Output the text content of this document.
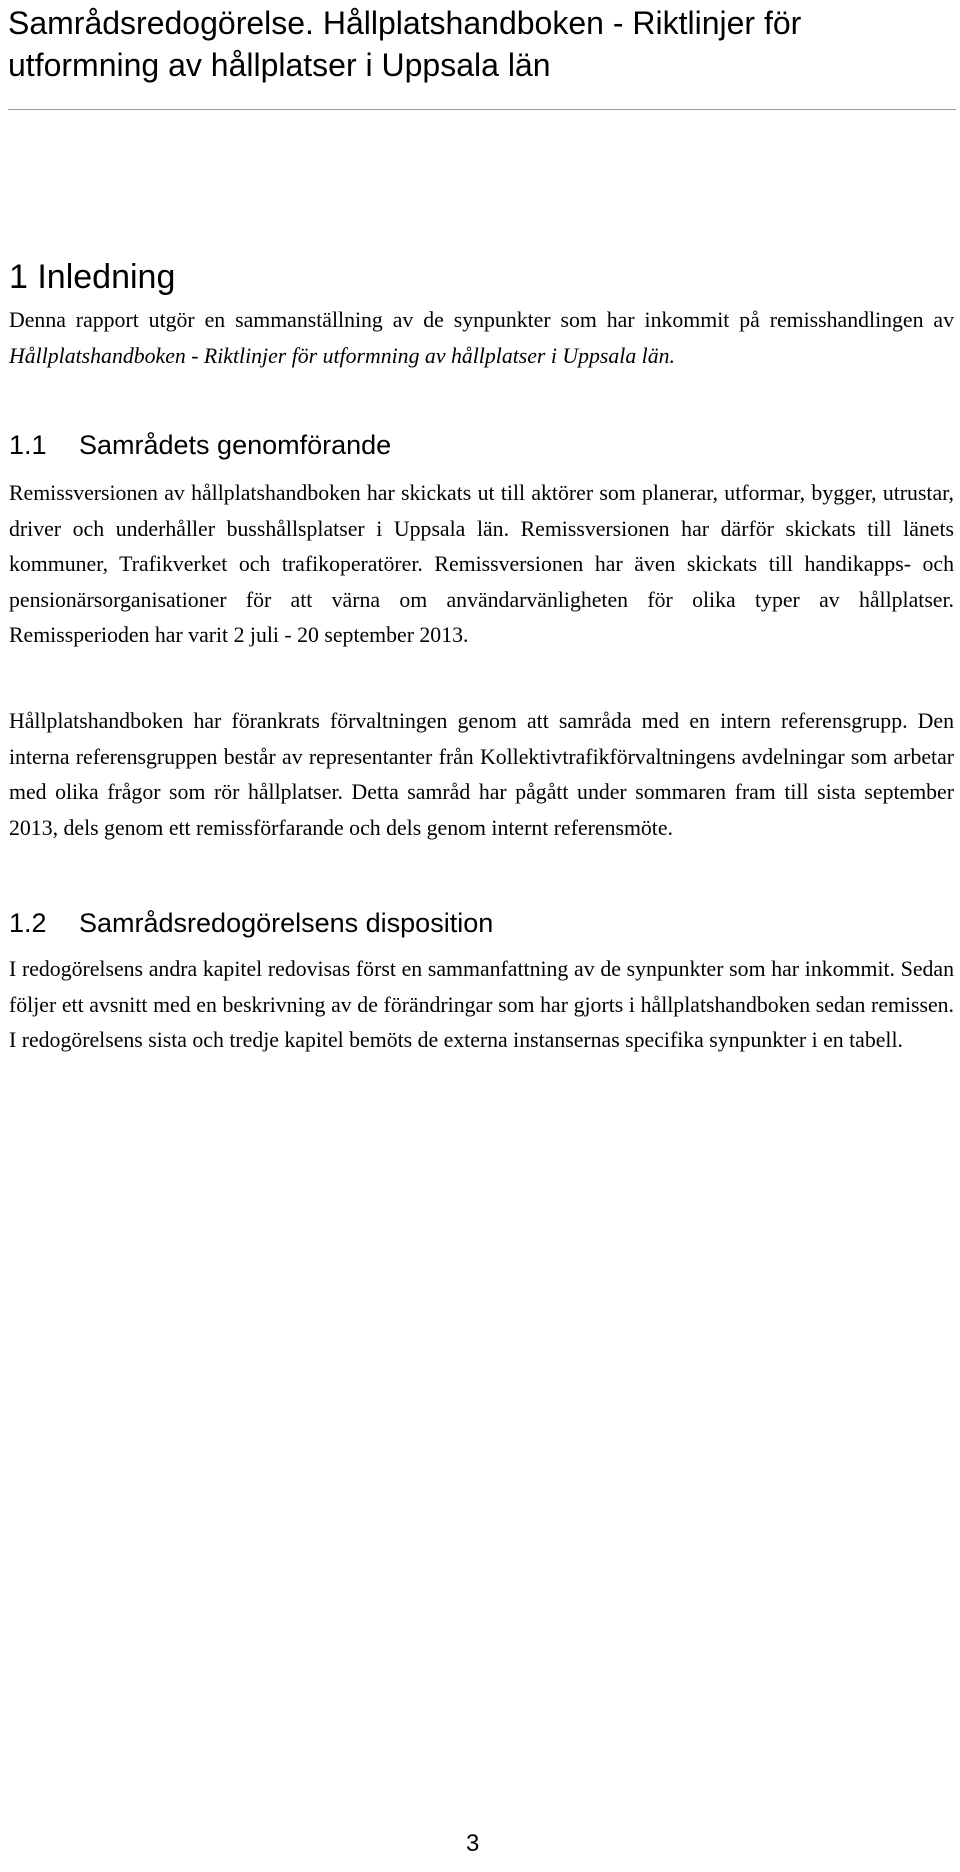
Samrådsredogörelse. Hållplatshandboken - Riktlinjer för utformning av hållplatser i Uppsala län
1 Inledning

Denna rapport utgör en sammanställning av de synpunkter som har inkommit på remisshandlingen av Hållplatshandboken - Riktlinjer för utformning av hållplatser i Uppsala län.

1.1 Samrådets genomförande

Remissversionen av hållplatshandboken har skickats ut till aktörer som planerar, utformar, bygger, utrustar, driver och underhåller busshållsplatser i Uppsala län. Remissversionen har därför skickats till länets kommuner, Trafikverket och trafikoperatörer. Remissversionen har även skickats till handikapps- och pensionärsorganisationer för att värna om användarvänligheten för olika typer av hållplatser. Remissperioden har varit 2 juli - 20 september 2013.

Hållplatshandboken har förankrats förvaltningen genom att samråda med en intern referensgrupp. Den interna referensgruppen består av representanter från Kollektivtrafikförvaltningens avdelningar som arbetar med olika frågor som rör hållplatser. Detta samråd har pågått under sommaren fram till sista september 2013, dels genom ett remissförfarande och dels genom internt referensmöte.

1.2 Samrådsredogörelsens disposition

I redogörelsens andra kapitel redovisas först en sammanfattning av de synpunkter som har inkommit. Sedan följer ett avsnitt med en beskrivning av de förändringar som har gjorts i hållplatshandboken sedan remissen. I redogörelsens sista och tredje kapitel bemöts de externa instansernas specifika synpunkter i en tabell.

3
